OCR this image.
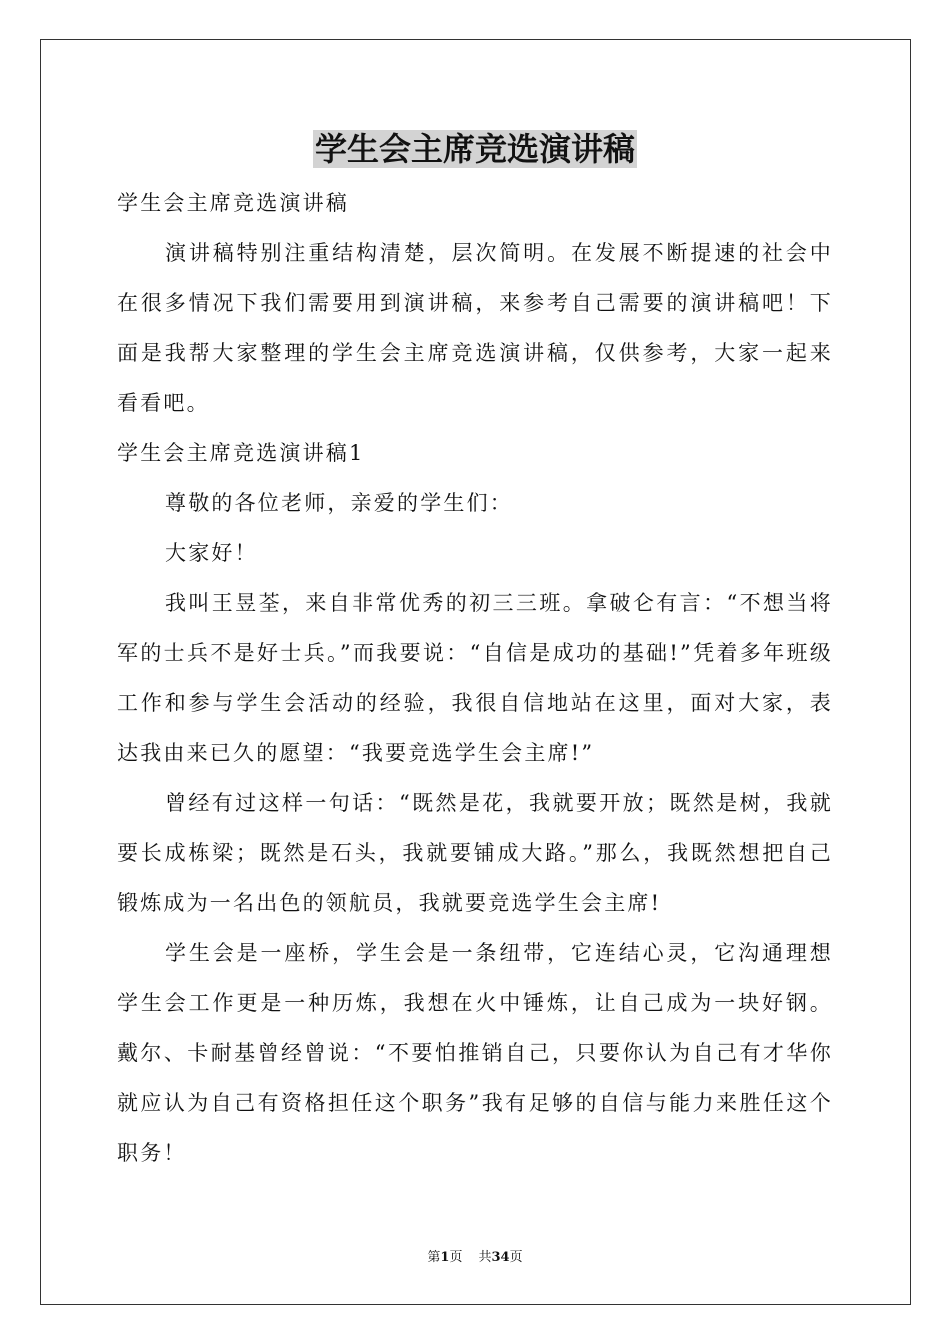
学生会主席竞选演讲稿

学生会主席竞选演讲稿

演讲稿特别注重结构清楚，层次简明。在发展不断提速的社会中在很多情况下我们需要用到演讲稿，来参考自己需要的演讲稿吧！下面是我帮大家整理的学生会主席竞选演讲稿，仅供参考，大家一起来看看吧。

学生会主席竞选演讲稿1

尊敬的各位老师，亲爱的学生们：

大家好！

我叫王昱荃，来自非常优秀的初三三班。拿破仑有言：“不想当将军的士兵不是好士兵。”而我要说：“自信是成功的基础!”凭着多年班级工作和参与学生会活动的经验，我很自信地站在这里，面对大家，表达我由来已久的愿望：“我要竞选学生会主席!”

曾经有过这样一句话：“既然是花，我就要开放；既然是树，我就要长成栋梁；既然是石头，我就要铺成大路。”那么，我既然想把自己锻炼成为一名出色的领航员，我就要竞选学生会主席!

学生会是一座桥，学生会是一条纽带，它连结心灵，它沟通理想学生会工作更是一种历炼，我想在火中锤炼，让自己成为一块好钢。戴尔、卡耐基曾经曾说：“不要怕推销自己，只要你认为自己有才华你就应认为自己有资格担任这个职务”我有足够的自信与能力来胜任这个职务！

第1页 共34页
